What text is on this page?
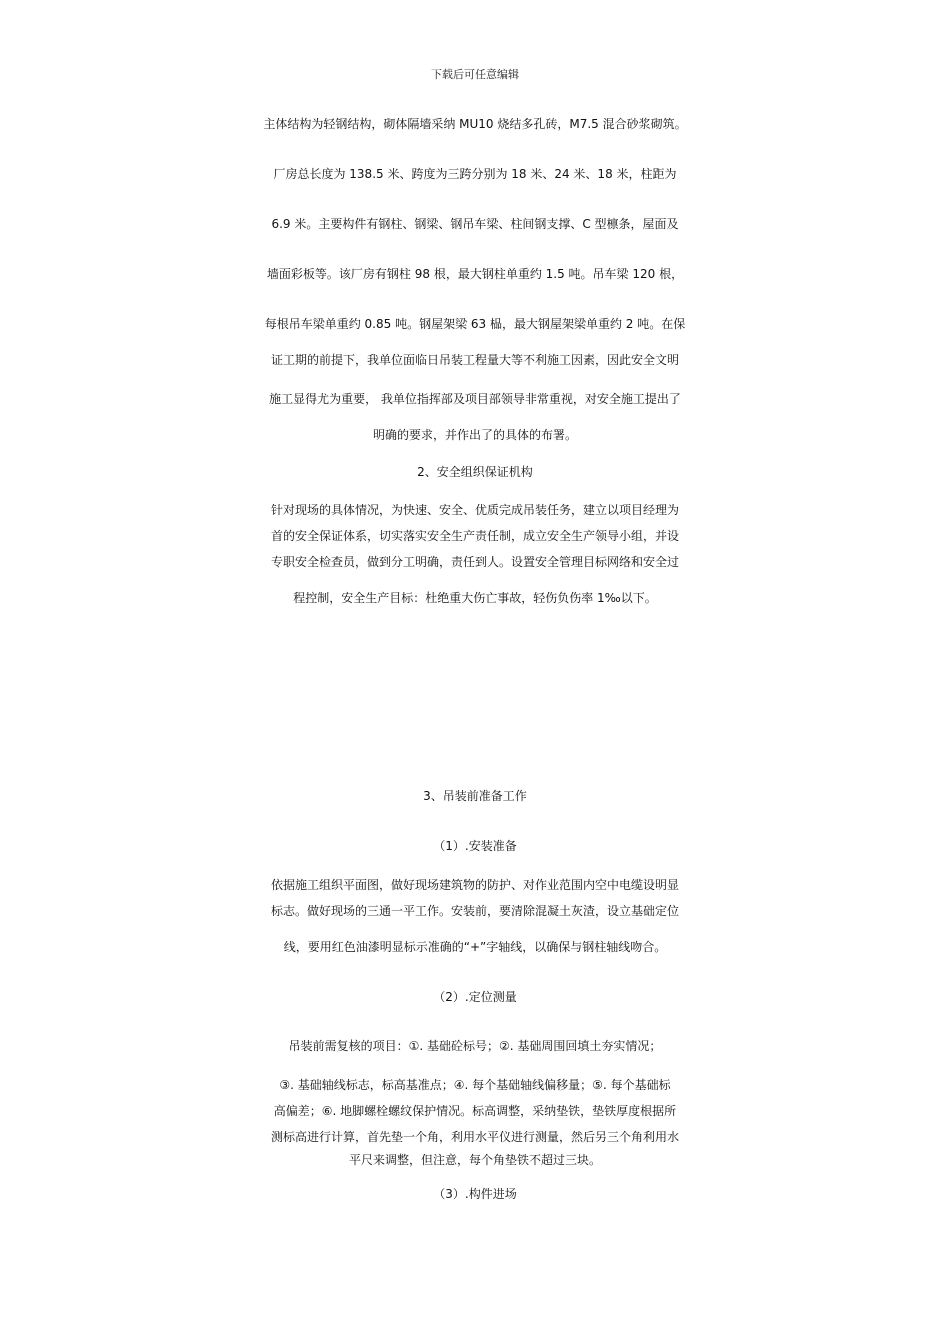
下载后可任意编辑
主体结构为轻钢结构，砌体隔墙采纳 MU10 烧结多孔砖，M7.5 混合砂浆砌筑。
厂房总长度为 138.5 米、跨度为三跨分别为 18 米、24 米、18 米，柱距为
6.9 米。主要构件有钢柱、钢梁、钢吊车梁、柱间钢支撑、C 型檩条，屋面及
墙面彩板等。该厂房有钢柱 98 根，最大钢柱单重约 1.5 吨。吊车梁 120 根，
每根吊车梁单重约 0.85 吨。钢屋架梁 63 榀，最大钢屋架梁单重约 2 吨。在保
证工期的前提下，我单位面临日吊装工程量大等不利施工因素，因此安全文明
施工显得尤为重要， 我单位指挥部及项目部领导非常重视，对安全施工提出了
明确的要求，并作出了的具体的布署。
2、安全组织保证机构
针对现场的具体情况，为快速、安全、优质完成吊装任务，建立以项目经理为
首的安全保证体系，切实落实安全生产责任制，成立安全生产领导小组，并设
专职安全检查员，做到分工明确，责任到人。设置安全管理目标网络和安全过
程控制，安全生产目标：杜绝重大伤亡事故，轻伤负伤率 1‰以下。
3、吊装前准备工作
（1）.安装准备
依据施工组织平面图，做好现场建筑物的防护、对作业范围内空中电缆设明显
标志。做好现场的三通一平工作。安装前，要清除混凝土灰渣，设立基础定位
线，要用红色油漆明显标示准确的“+”字轴线，以确保与钢柱轴线吻合。
（2）.定位测量
吊装前需复核的项目：①. 基础砼标号；②. 基础周围回填土夯实情况；
③. 基础轴线标志，标高基准点；④. 每个基础轴线偏移量；⑤. 每个基础标
高偏差；⑥. 地脚螺栓螺纹保护情况。标高调整，采纳垫铁，垫铁厚度根据所
测标高进行计算，首先垫一个角，利用水平仪进行测量，然后另三个角利用水
平尺来调整，但注意，每个角垫铁不超过三块。
（3）.构件进场
